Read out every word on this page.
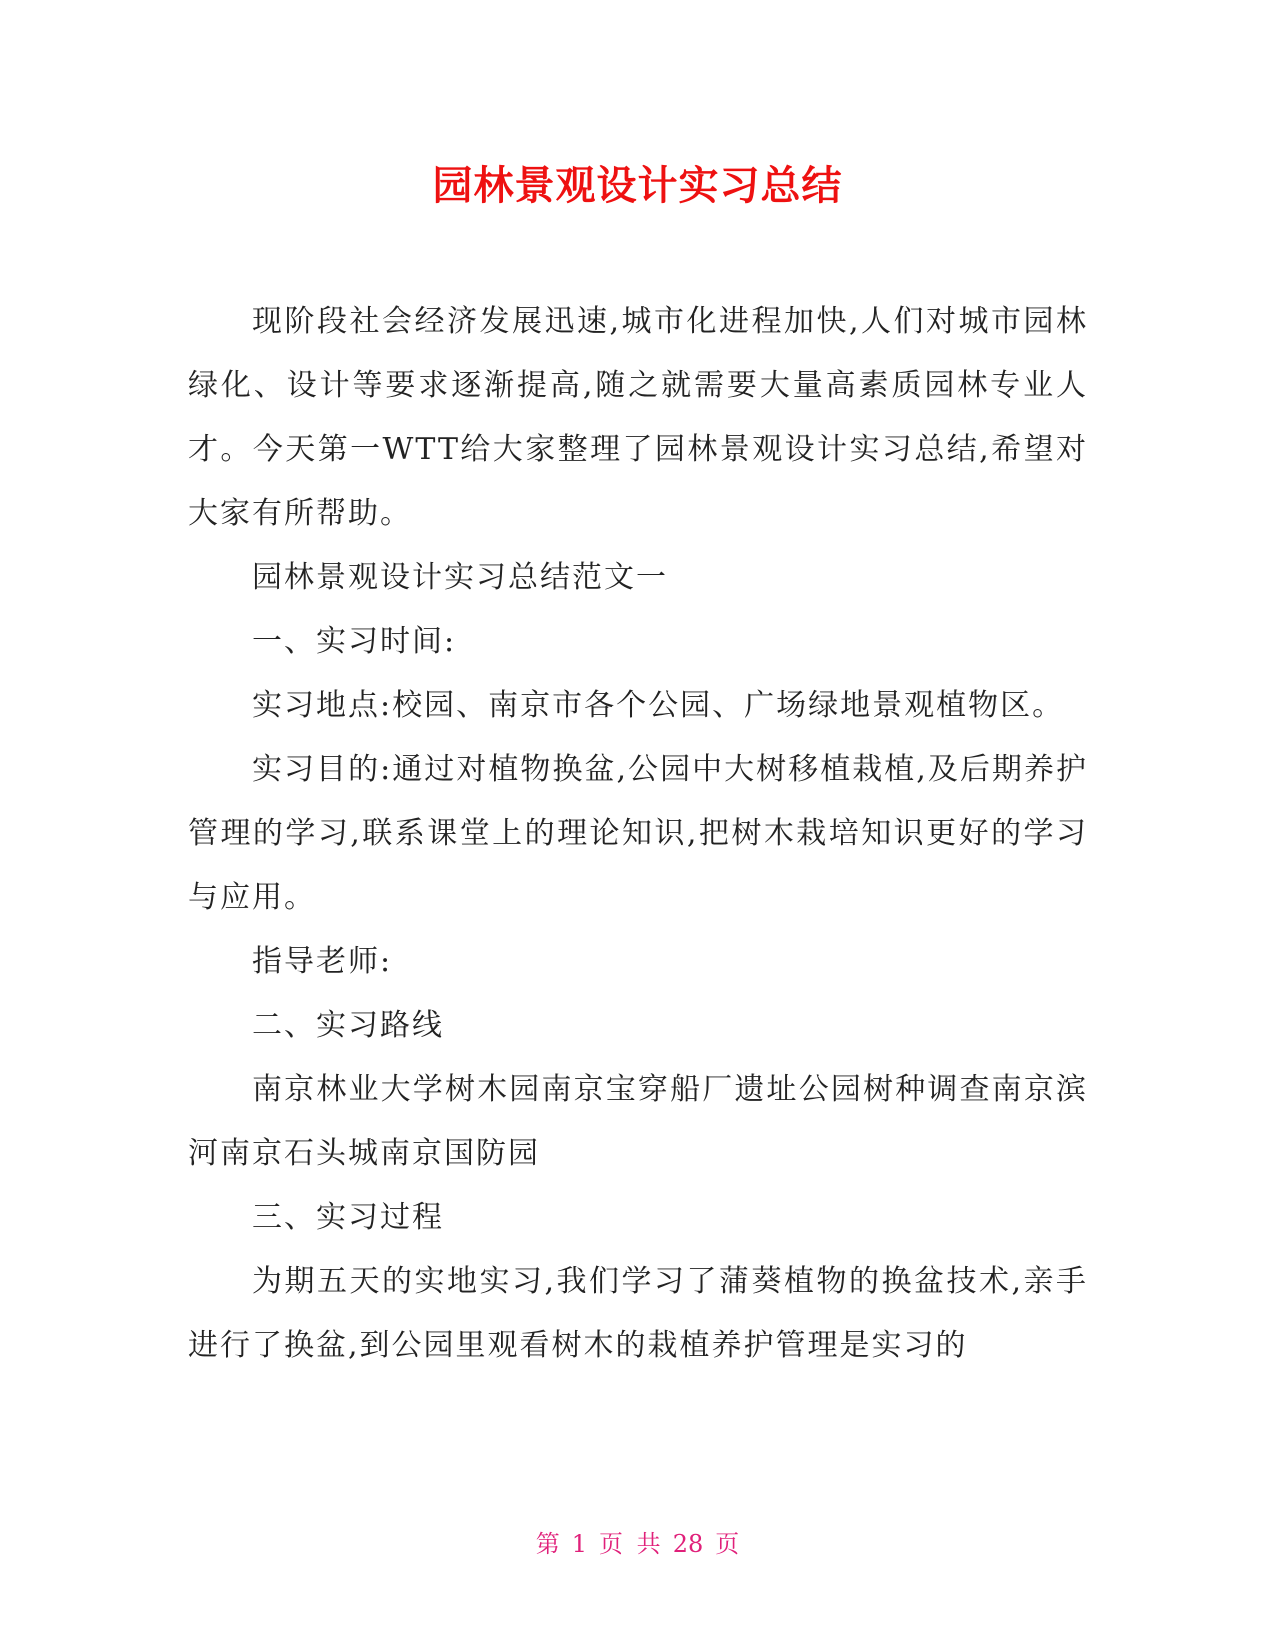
园林景观设计实习总结

现阶段社会经济发展迅速,城市化进程加快,人们对城市园林绿化、设计等要求逐渐提高,随之就需要大量高素质园林专业人才。今天第一WTT给大家整理了园林景观设计实习总结,希望对大家有所帮助。

园林景观设计实习总结范文一

一、实习时间:

实习地点:校园、南京市各个公园、广场绿地景观植物区。

实习目的:通过对植物换盆,公园中大树移植栽植,及后期养护管理的学习,联系课堂上的理论知识,把树木栽培知识更好的学习与应用。

指导老师:

二、实习路线

南京林业大学树木园南京宝穿船厂遗址公园树种调查南京滨河南京石头城南京国防园

三、实习过程

为期五天的实地实习,我们学习了蒲葵植物的换盆技术,亲手进行了换盆,到公园里观看树木的栽植养护管理是实习的

第 1 页 共 28 页
